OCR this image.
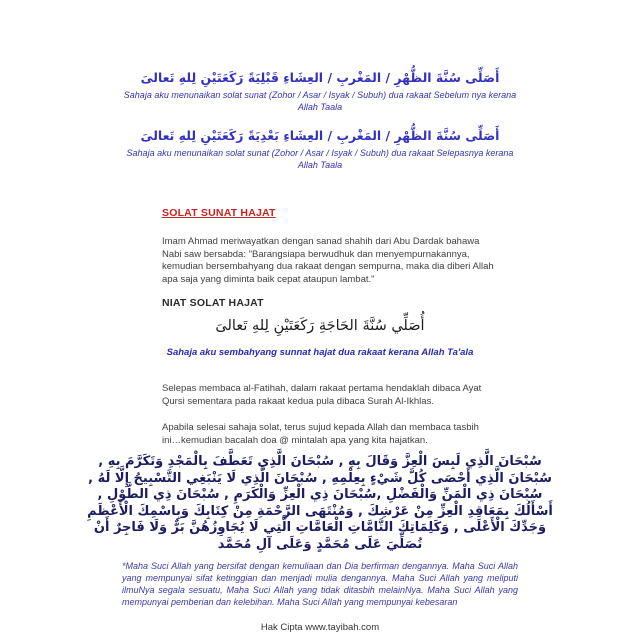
أَصَلِّى سُنَّةَ الظُّهْرِ / المَغْربِ / العِشَاءِ قَبْلِيَةً رَكَعَتَيْنِ لِلهِ تَعالىَ
Sahaja aku menunaikan solat sunat (Zohor / Asar / Isyak / Subuh) dua rakaat Sebelum nya kerana Allah Taala
أَصَلِّى سُنَّةَ الظُّهْرِ / المَغْربِ / العِشَاءِ بَعْدِيَةً رَكَعَتَيْنِ لِلهِ تَعالىَ
Sahaja aku menunaikan solat sunat (Zohor / Asar / Isyak / Subuh) dua rakaat Selepasnya kerana Allah Taala
SOLAT SUNAT HAJAT
Imam Ahmad meriwayatkan dengan sanad shahih dari Abu Dardak bahawa Nabi saw bersabda: "Barangsiapa berwudhuk dan menyempurnakannya, kemudian bersembahyang dua rakaat dengan sempurna, maka dia diberi Allah apa saja yang diminta baik cepat ataupun lambat."
NIAT SOLAT HAJAT
أُصَلِّي سُنَّةَ الحَاجَةِ رَكَعَتَيْنِ لِلهِ تَعالىَ
Sahaja aku sembahyang sunnat hajat dua rakaat kerana Allah Ta'ala
Selepas membaca al-Fatihah, dalam rakaat pertama hendaklah dibaca Ayat Qursi sementara pada rakaat kedua pula dibaca Surah Al-Ikhlas.
Apabila selesai sahaja solat, terus sujud kepada Allah dan membaca tasbih ini…kemudian bacalah doa @ mintalah apa yang kita hajatkan.
سُبْحَانَ الَّذِي لَبِسَ الْعِزَّ وَقَالَ بِهِ , سُبْحَانَ الَّذِي تَعَطَّفَ بِالْمَجْدِ وَتَكَرَّمَ بِهِ ,
سُبْحَانَ الَّذِي أَحْصَى كُلَّ شَيْءٍ بِعِلْمِهِ , سُبْحَانَ الَّذِي لَا يَنْبَغِي التَّسْبِيحُ إِلَّا لَهُ ,
سُبْحَانَ ذِي الْمَنِّ وَالْفَضْلِ ,سُبْحَانَ ذِي الْعِزِّ وَالْكَرَمِ , سُبْحَانَ ذِي الطَّوْلِ ,
أَسْأَلُكَ بِمَعَاقِدِ الْعِزِّ مِنْ عَرْشِكَ , وَمُنْتَهَى الرَّحْمَةِ مِنْ كِتَابِكَ وَبِاسْمِكَ الْأَعْظَمِ
وَجَدِّكَ الْأَعْلَى , وَكَلِمَاتِكَ التَّامَّاتِ الْعَامَّاتِ الَّتِي لَا يُجَاوِزُهُنَّ بَرٌّ وَلَا فَاجِرٌ أَنْ
تُصَلِّيَ عَلَى مُحَمَّدٍ وَعَلَى آلِ مُحَمَّد
*Maha Suci Allah yang bersifat dengan kemuliaan dan Dia berfirman dengannya. Maha Suci Allah yang mempunyai sifat ketinggian dan menjadi mulia dengannya. Maha Suci Allah yang meliputi ilmuNya segala sesuatu, Maha Suci Allah yang tidak ditasbih melainNya. Maha Suci Allah yang mempunyai pemberian dan kelebihan. Maha Suci Allah yang mempunyai kebesaran
Hak Cipta www.tayibah.com
